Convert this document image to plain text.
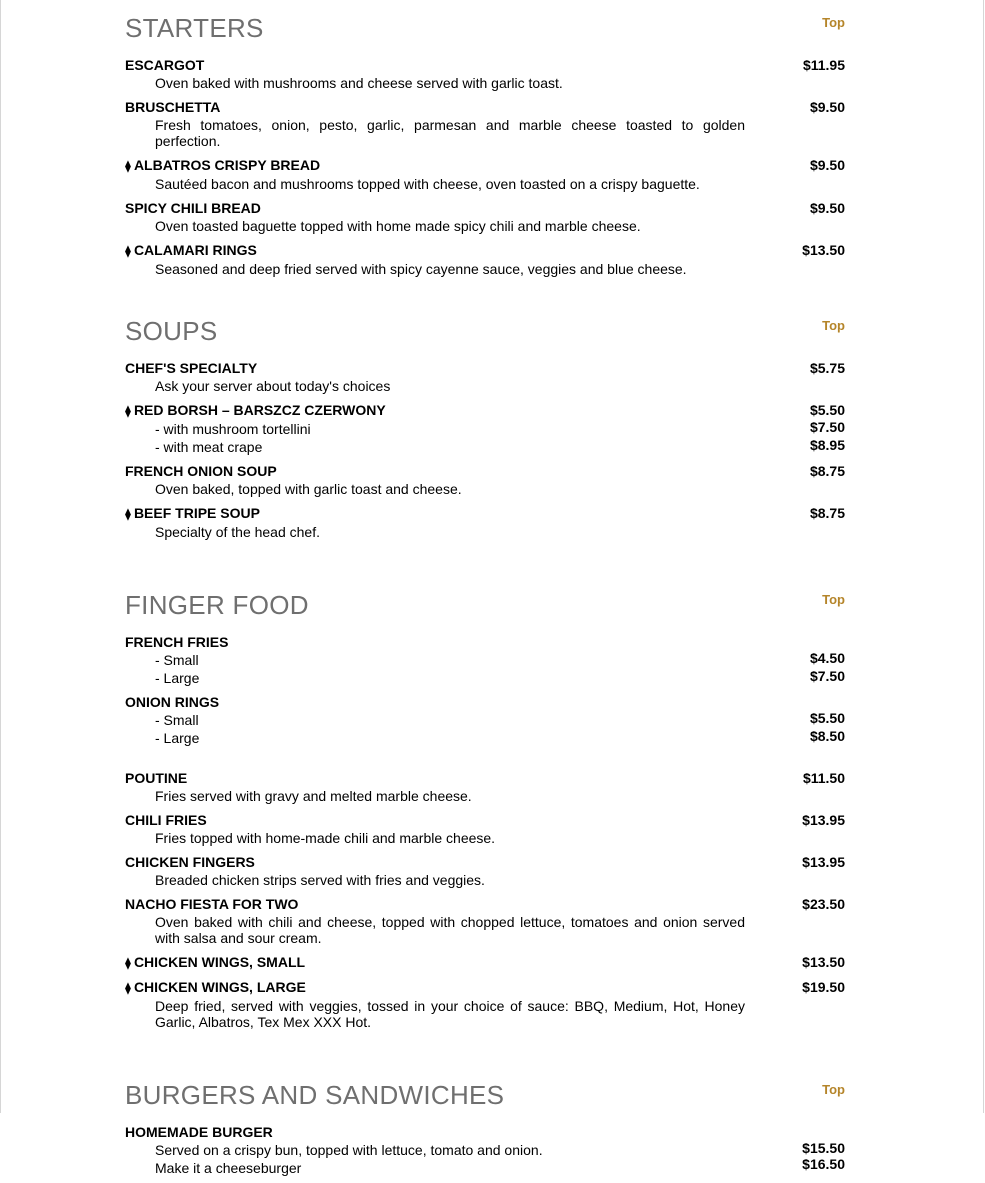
STARTERS	Top
ESCARGOT	$11.95
Oven baked with mushrooms and cheese served with garlic toast.
BRUSCHETTA	$9.50
Fresh tomatoes, onion, pesto, garlic, parmesan and marble cheese toasted to golden perfection.
⧫ ALBATROS CRISPY BREAD	$9.50
Sautéed bacon and mushrooms topped with cheese, oven toasted on a crispy baguette.
SPICY CHILI BREAD	$9.50
Oven toasted baguette topped with home made spicy chili and marble cheese.
⧫ CALAMARI RINGS	$13.50
Seasoned and deep fried served with spicy cayenne sauce, veggies and blue cheese.
SOUPS	Top
CHEF'S SPECIALTY	$5.75
Ask your server about today's choices
⧫ RED BORSH – BARSZCZ CZERWONY	$5.50
- with mushroom tortellini	$7.50
- with meat crape	$8.95
FRENCH ONION SOUP	$8.75
Oven baked, topped with garlic toast and cheese.
⧫ BEEF TRIPE SOUP	$8.75
Specialty of the head chef.
FINGER FOOD	Top
FRENCH FRIES
- Small	$4.50
- Large	$7.50
ONION RINGS
- Small	$5.50
- Large	$8.50
POUTINE	$11.50
Fries served with gravy and melted marble cheese.
CHILI FRIES	$13.95
Fries topped with home-made chili and marble cheese.
CHICKEN FINGERS	$13.95
Breaded chicken strips served with fries and veggies.
NACHO FIESTA FOR TWO	$23.50
Oven baked with chili and cheese, topped with chopped lettuce, tomatoes and onion served with salsa and sour cream.
⧫ CHICKEN WINGS, SMALL	$13.50
⧫ CHICKEN WINGS, LARGE	$19.50
Deep fried, served with veggies, tossed in your choice of sauce: BBQ, Medium, Hot, Honey Garlic, Albatros, Tex Mex XXX Hot.
BURGERS AND SANDWICHES	Top
HOMEMADE BURGER
Served on a crispy bun, topped with lettuce, tomato and onion.	$15.50
Make it a cheeseburger	$16.50
